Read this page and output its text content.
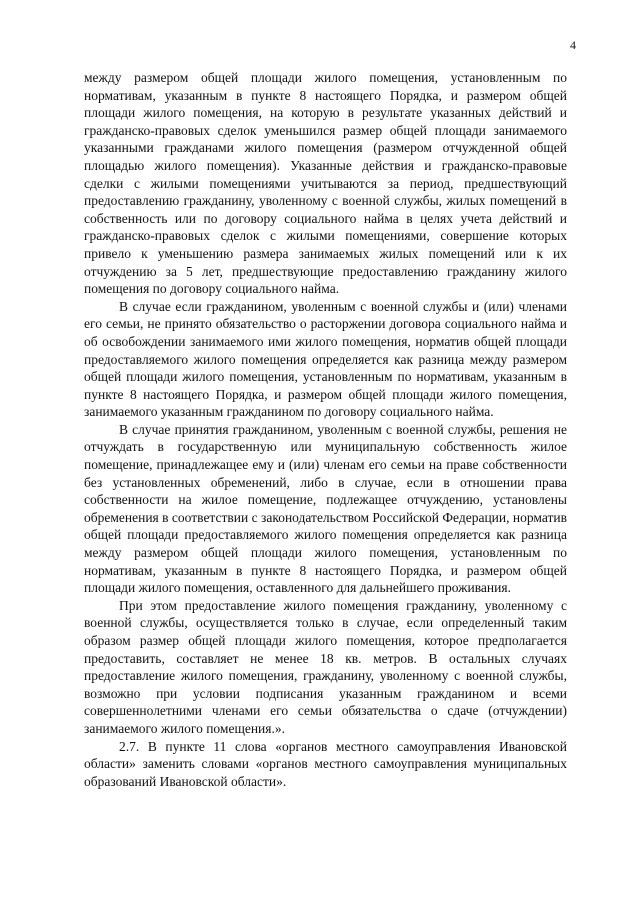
4

между размером общей площади жилого помещения, установленным по нормативам, указанным в пункте 8 настоящего Порядка, и размером общей площади жилого помещения, на которую в результате указанных действий и гражданско-правовых сделок уменьшился размер общей площади занимаемого указанными гражданами жилого помещения (размером отчужденной общей площадью жилого помещения). Указанные действия и гражданско-правовые сделки с жилыми помещениями учитываются за период, предшествующий предоставлению гражданину, уволенному с военной службы, жилых помещений в собственность или по договору социального найма в целях учета действий и гражданско-правовых сделок с жилыми помещениями, совершение которых привело к уменьшению размера занимаемых жилых помещений или к их отчуждению за 5 лет, предшествующие предоставлению гражданину жилого помещения по договору социального найма.

В случае если гражданином, уволенным с военной службы и (или) членами его семьи, не принято обязательство о расторжении договора социального найма и об освобождении занимаемого ими жилого помещения, норматив общей площади предоставляемого жилого помещения определяется как разница между размером общей площади жилого помещения, установленным по нормативам, указанным в пункте 8 настоящего Порядка, и размером общей площади жилого помещения, занимаемого указанным гражданином по договору социального найма.

В случае принятия гражданином, уволенным с военной службы, решения не отчуждать в государственную или муниципальную собственность жилое помещение, принадлежащее ему и (или) членам его семьи на праве собственности без установленных обременений, либо в случае, если в отношении права собственности на жилое помещение, подлежащее отчуждению, установлены обременения в соответствии с законодательством Российской Федерации, норматив общей площади предоставляемого жилого помещения определяется как разница между размером общей площади жилого помещения, установленным по нормативам, указанным в пункте 8 настоящего Порядка, и размером общей площади жилого помещения, оставленного для дальнейшего проживания.

При этом предоставление жилого помещения гражданину, уволенному с военной службы, осуществляется только в случае, если определенный таким образом размер общей площади жилого помещения, которое предполагается предоставить, составляет не менее 18 кв. метров. В остальных случаях предоставление жилого помещения, гражданину, уволенному с военной службы, возможно при условии подписания указанным гражданином и всеми совершеннолетними членами его семьи обязательства о сдаче (отчуждении) занимаемого жилого помещения.».

2.7. В пункте 11 слова «органов местного самоуправления Ивановской области» заменить словами «органов местного самоуправления муниципальных образований Ивановской области».
